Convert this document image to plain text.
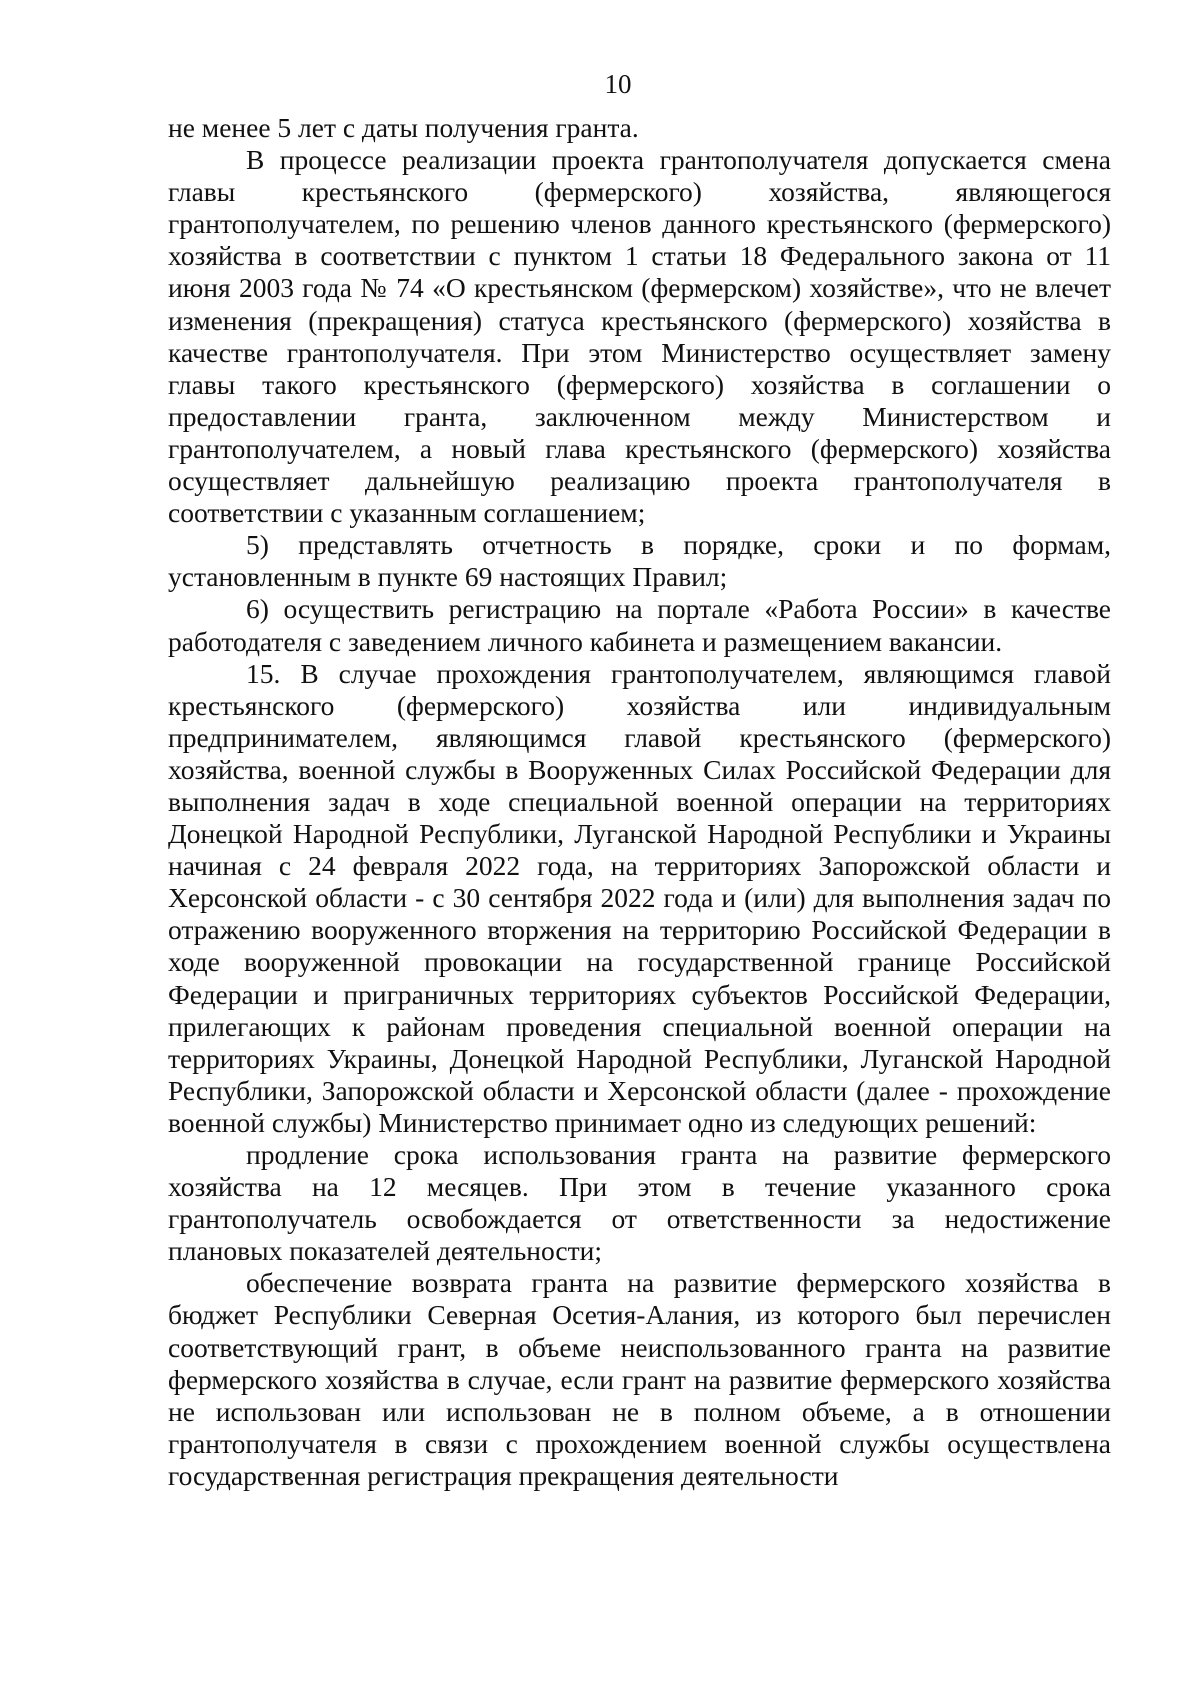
10

не менее 5 лет с даты получения гранта.

В процессе реализации проекта грантополучателя допускается смена главы крестьянского (фермерского) хозяйства, являющегося грантополучателем, по решению членов данного крестьянского (фермерского) хозяйства в соответствии с пунктом 1 статьи 18 Федерального закона от 11 июня 2003 года № 74 «О крестьянском (фермерском) хозяйстве», что не влечет изменения (прекращения) статуса крестьянского (фермерского) хозяйства в качестве грантополучателя. При этом Министерство осуществляет замену главы такого крестьянского (фермерского) хозяйства в соглашении о предоставлении гранта, заключенном между Министерством и грантополучателем, а новый глава крестьянского (фермерского) хозяйства осуществляет дальнейшую реализацию проекта грантополучателя в соответствии с указанным соглашением;

5) представлять отчетность в порядке, сроки и по формам, установленным в пункте 69 настоящих Правил;

6) осуществить регистрацию на портале «Работа России» в качестве работодателя с заведением личного кабинета и размещением вакансии.

15. В случае прохождения грантополучателем, являющимся главой крестьянского (фермерского) хозяйства или индивидуальным предпринимателем, являющимся главой крестьянского (фермерского) хозяйства, военной службы в Вооруженных Силах Российской Федерации для выполнения задач в ходе специальной военной операции на территориях Донецкой Народной Республики, Луганской Народной Республики и Украины начиная с 24 февраля 2022 года, на территориях Запорожской области и Херсонской области - с 30 сентября 2022 года и (или) для выполнения задач по отражению вооруженного вторжения на территорию Российской Федерации в ходе вооруженной провокации на государственной границе Российской Федерации и приграничных территориях субъектов Российской Федерации, прилегающих к районам проведения специальной военной операции на территориях Украины, Донецкой Народной Республики, Луганской Народной Республики, Запорожской области и Херсонской области (далее - прохождение военной службы) Министерство принимает одно из следующих решений:

продление срока использования гранта на развитие фермерского хозяйства на 12 месяцев. При этом в течение указанного срока грантополучатель освобождается от ответственности за недостижение плановых показателей деятельности;

обеспечение возврата гранта на развитие фермерского хозяйства в бюджет Республики Северная Осетия-Алания, из которого был перечислен соответствующий грант, в объеме неиспользованного гранта на развитие фермерского хозяйства в случае, если грант на развитие фермерского хозяйства не использован или использован не в полном объеме, а в отношении грантополучателя в связи с прохождением военной службы осуществлена государственная регистрация прекращения деятельности
